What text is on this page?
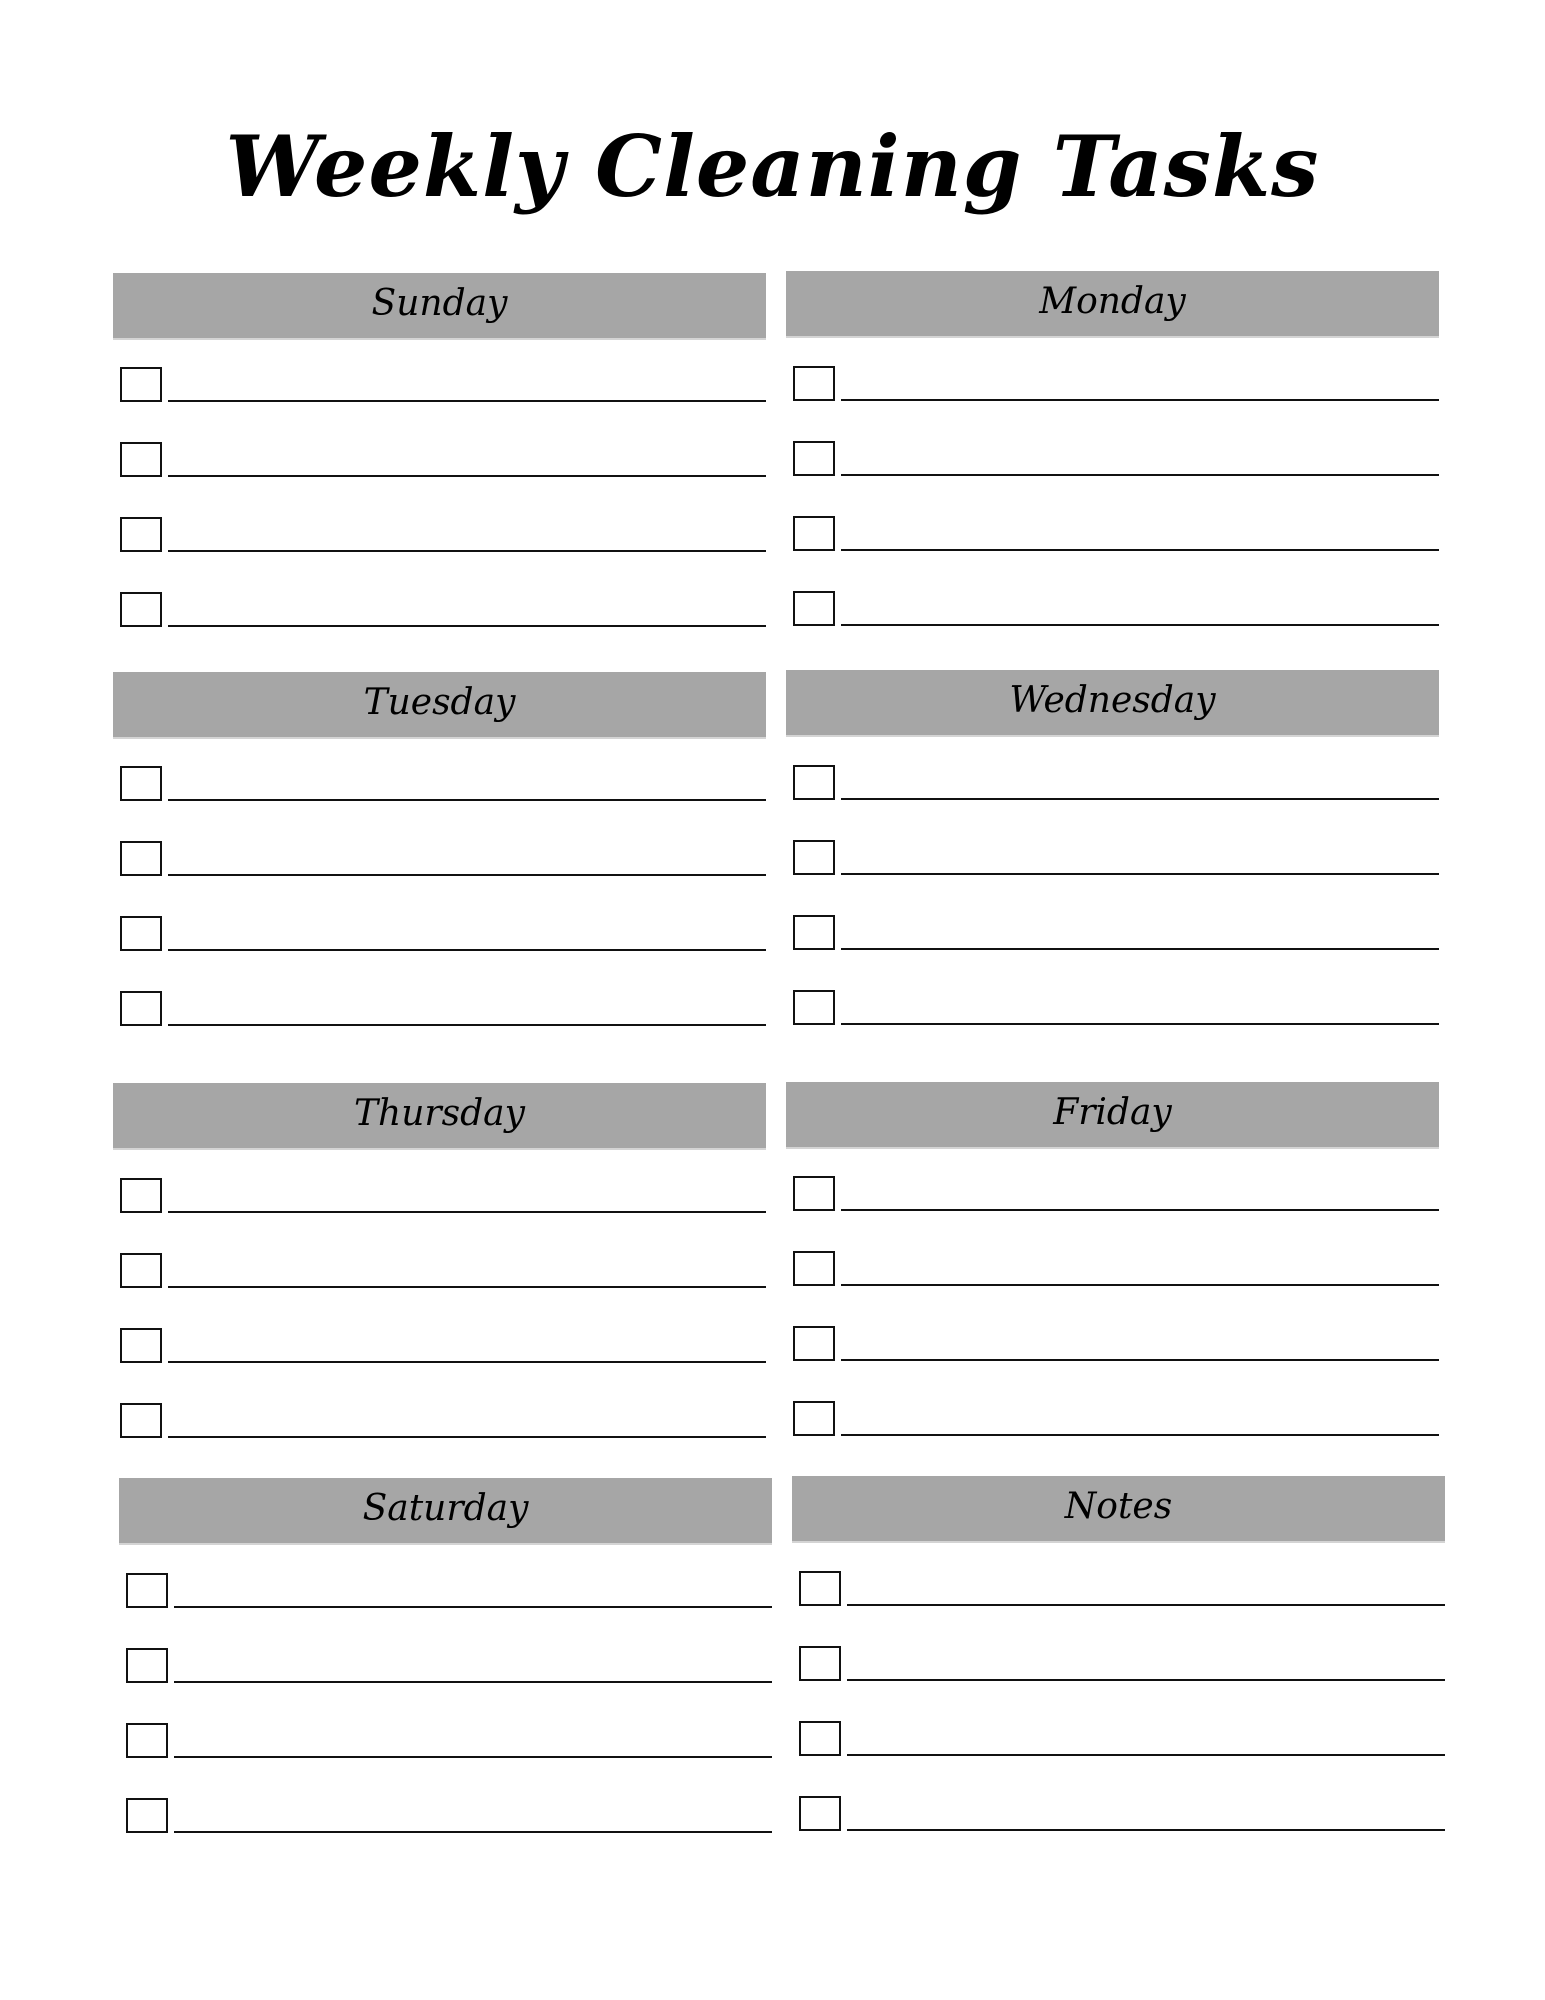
Weekly Cleaning Tasks
Sunday	Monday
Tuesday	Wednesday
Thursday	Friday
Saturday	Notes
